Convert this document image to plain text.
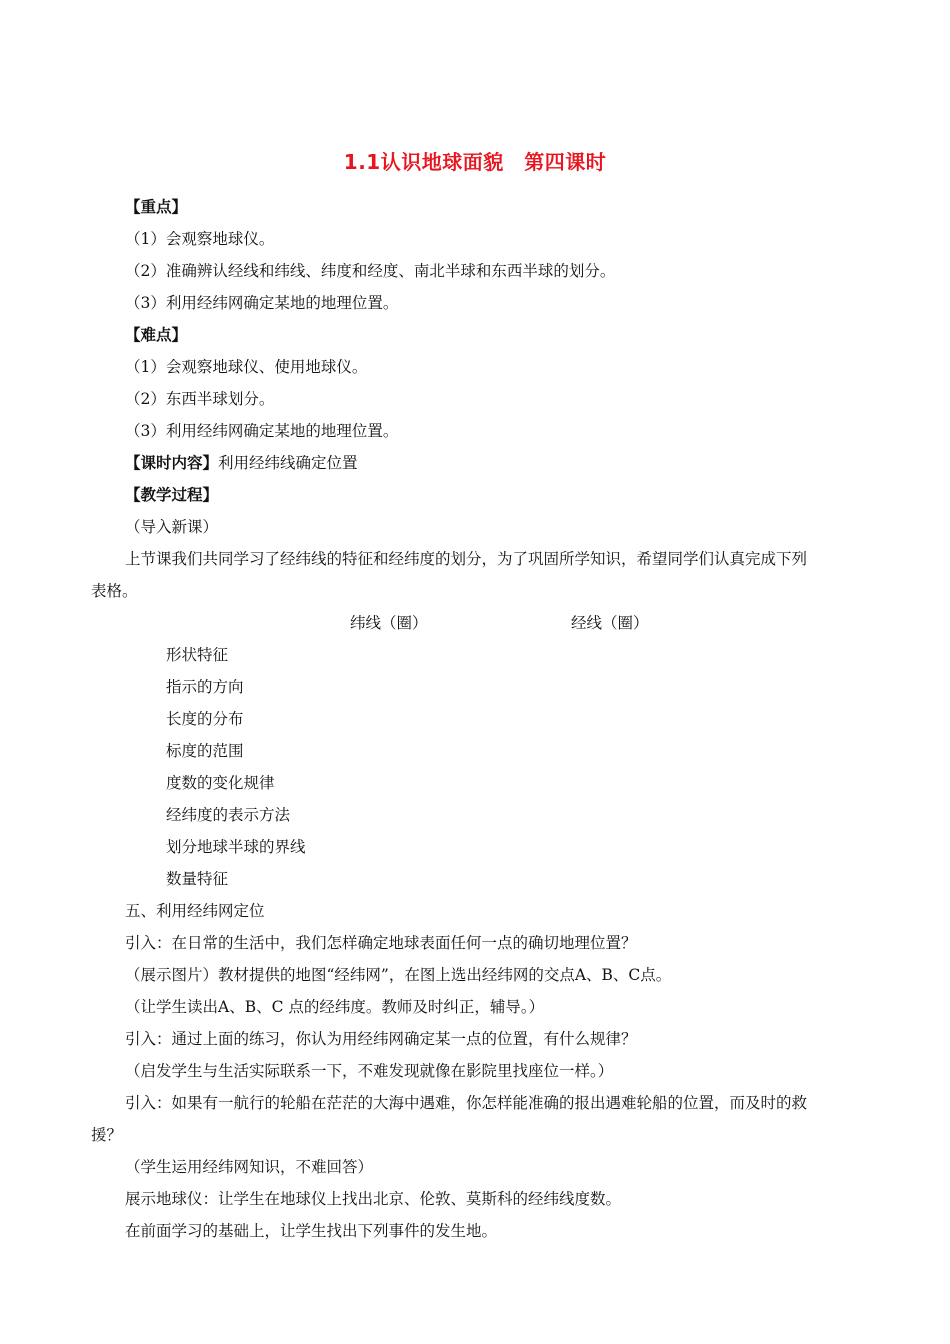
1.1认识地球面貌　第四课时
【重点】
（1）会观察地球仪。
（2）准确辨认经线和纬线、纬度和经度、南北半球和东西半球的划分。
（3）利用经纬网确定某地的地理位置。
【难点】
（1）会观察地球仪、使用地球仪。
（2）东西半球划分。
（3）利用经纬网确定某地的地理位置。
【课时内容】利用经纬线确定位置
【教学过程】
（导入新课）
上节课我们共同学习了经纬线的特征和经纬度的划分，为了巩固所学知识，希望同学们认真完成下列
表格。
纬线（圈）	经线（圈）
形状特征
指示的方向
长度的分布
标度的范围
度数的变化规律
经纬度的表示方法
划分地球半球的界线
数量特征
五、利用经纬网定位
引入：在日常的生活中，我们怎样确定地球表面任何一点的确切地理位置？
（展示图片）教材提供的地图“经纬网”，在图上选出经纬网的交点A、B、C点。
（让学生读出A、B、C 点的经纬度。教师及时纠正，辅导。）
引入：通过上面的练习，你认为用经纬网确定某一点的位置，有什么规律？
（启发学生与生活实际联系一下，不难发现就像在影院里找座位一样。）
引入：如果有一航行的轮船在茫茫的大海中遇难，你怎样能准确的报出遇难轮船的位置，而及时的救
援？
（学生运用经纬网知识，不难回答）
展示地球仪：让学生在地球仪上找出北京、伦敦、莫斯科的经纬线度数。
在前面学习的基础上，让学生找出下列事件的发生地。
